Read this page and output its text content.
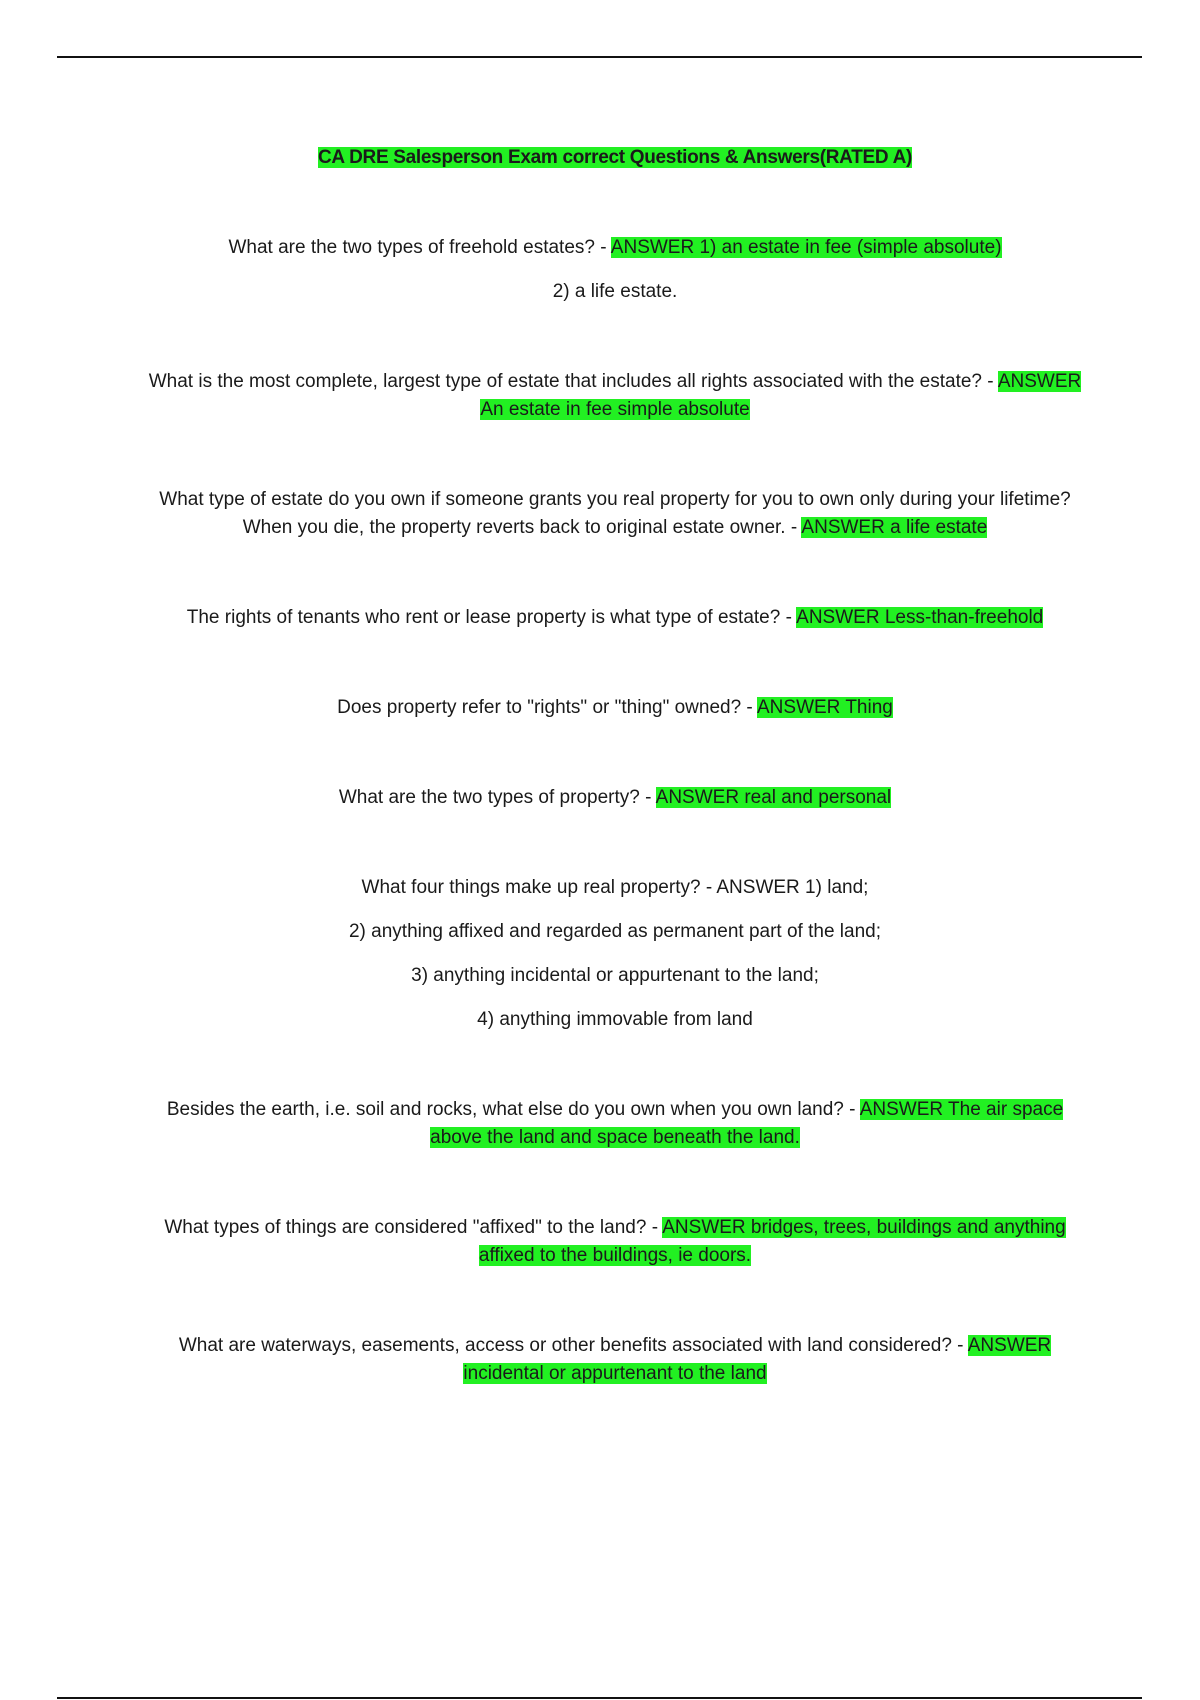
CA DRE Salesperson Exam correct Questions & Answers(RATED A)

What are the two types of freehold estates? - ANSWER 1) an estate in fee (simple absolute)

2) a life estate.

What is the most complete, largest type of estate that includes all rights associated with the estate? - ANSWER An estate in fee simple absolute

What type of estate do you own if someone grants you real property for you to own only during your lifetime? When you die, the property reverts back to original estate owner. - ANSWER a life estate

The rights of tenants who rent or lease property is what type of estate? - ANSWER Less-than-freehold

Does property refer to "rights" or "thing" owned? - ANSWER Thing

What are the two types of property? - ANSWER real and personal

What four things make up real property? - ANSWER 1) land;

2) anything affixed and regarded as permanent part of the land;

3) anything incidental or appurtenant to the land;

4) anything immovable from land

Besides the earth, i.e. soil and rocks, what else do you own when you own land? - ANSWER The air space above the land and space beneath the land.

What types of things are considered "affixed" to the land? - ANSWER bridges, trees, buildings and anything affixed to the buildings, ie doors.

What are waterways, easements, access or other benefits associated with land considered? - ANSWER incidental or appurtenant to the land
